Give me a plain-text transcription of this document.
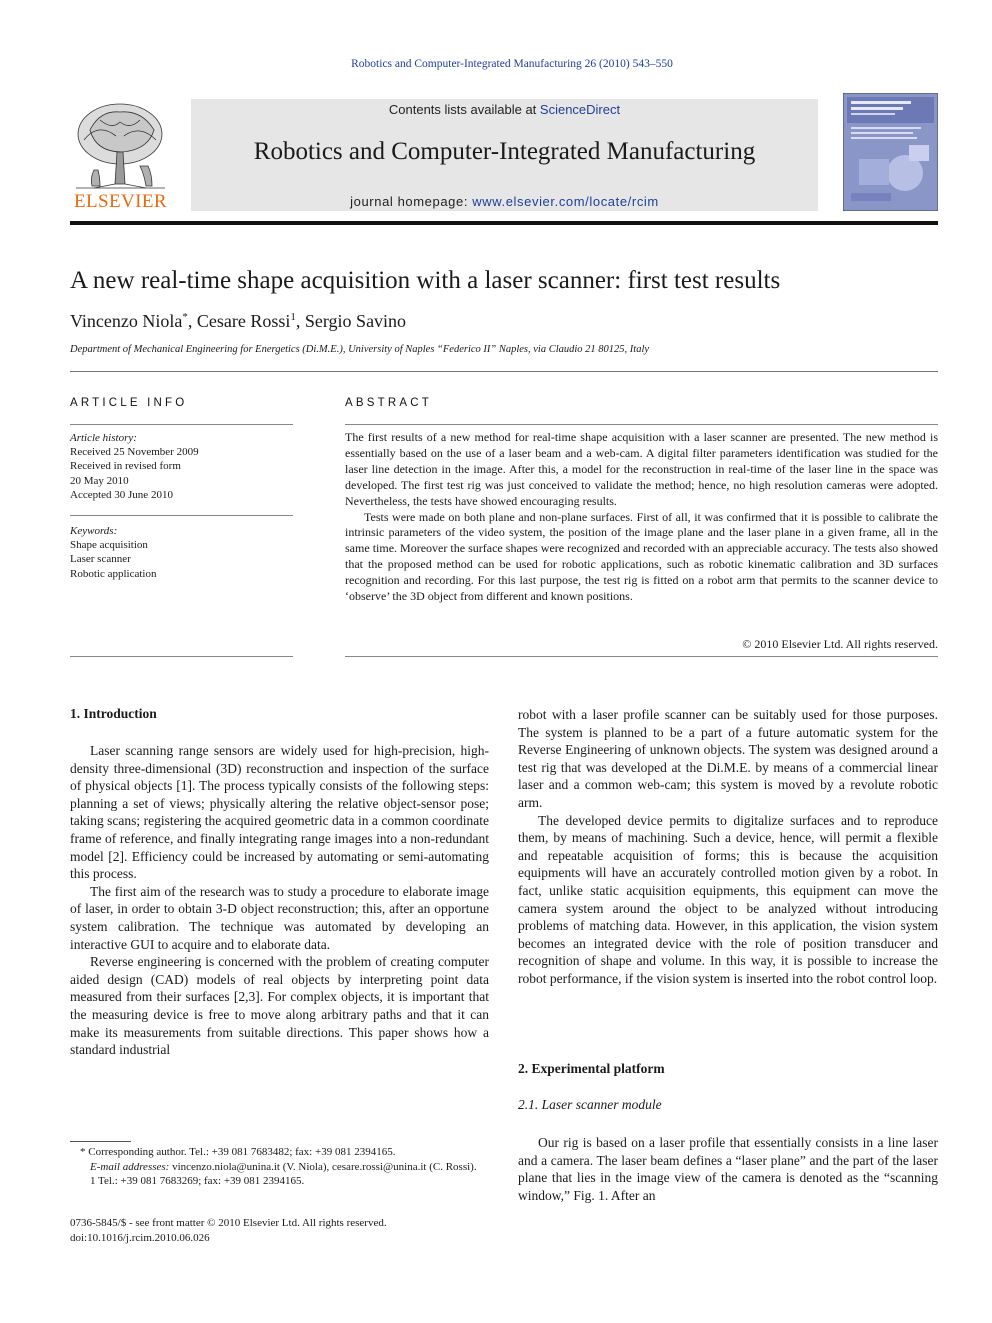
Robotics and Computer-Integrated Manufacturing 26 (2010) 543–550
Contents lists available at ScienceDirect
Robotics and Computer-Integrated Manufacturing
journal homepage: www.elsevier.com/locate/rcim
ELSEVIER
A new real-time shape acquisition with a laser scanner: first test results
Vincenzo Niola*, Cesare Rossi$^1$, Sergio Savino
Department of Mechanical Engineering for Energetics (Di.M.E.), University of Naples “Federico II” Naples, via Claudio 21 80125, Italy
ARTICLE INFO
Article history:
Received 25 November 2009
Received in revised form
20 May 2010
Accepted 30 June 2010
Keywords:
Shape acquisition
Laser scanner
Robotic application
ABSTRACT

The first results of a new method for real-time shape acquisition with a laser scanner are presented. The new method is essentially based on the use of a laser beam and a web-cam. A digital filter parameters identification was studied for the laser line detection in the image. After this, a model for the reconstruction in real-time of the laser line in the space was developed. The first test rig was just conceived to validate the method; hence, no high resolution cameras were adopted. Nevertheless, the tests have showed encouraging results.

Tests were made on both plane and non-plane surfaces. First of all, it was confirmed that it is possible to calibrate the intrinsic parameters of the video system, the position of the image plane and the laser plane in a given frame, all in the same time. Moreover the surface shapes were recognized and recorded with an appreciable accuracy. The tests also showed that the proposed method can be used for robotic applications, such as robotic kinematic calibration and 3D surfaces recognition and recording. For this last purpose, the test rig is fitted on a robot arm that permits to the scanner device to ‘observe’ the 3D object from different and known positions.

© 2010 Elsevier Ltd. All rights reserved.
1. Introduction

Laser scanning range sensors are widely used for high-precision, high-density three-dimensional (3D) reconstruction and inspection of the surface of physical objects [1]. The process typically consists of the following steps: planning a set of views; physically altering the relative object-sensor pose; taking scans; registering the acquired geometric data in a common coordinate frame of reference, and finally integrating range images into a non-redundant model [2]. Efficiency could be increased by automating or semi-automating this process.

The first aim of the research was to study a procedure to elaborate image of laser, in order to obtain 3-D object reconstruction; this, after an opportune system calibration. The technique was automated by developing an interactive GUI to acquire and to elaborate data.

Reverse engineering is concerned with the problem of creating computer aided design (CAD) models of real objects by interpreting point data measured from their surfaces [2,3]. For complex objects, it is important that the measuring device is free to move along arbitrary paths and that it can make its measurements from suitable directions. This paper shows how a standard industrial

robot with a laser profile scanner can be suitably used for those purposes. The system is planned to be a part of a future automatic system for the Reverse Engineering of unknown objects. The system was designed around a test rig that was developed at the Di.M.E. by means of a commercial linear laser and a common web-cam; this system is moved by a revolute robotic arm.

The developed device permits to digitalize surfaces and to reproduce them, by means of machining. Such a device, hence, will permit a flexible and repeatable acquisition of forms; this is because the acquisition equipments will have an accurately controlled motion given by a robot. In fact, unlike static acquisition equipments, this equipment can move the camera system around the object to be analyzed without introducing problems of matching data. However, in this application, the vision system becomes an integrated device with the role of position transducer and recognition of shape and volume. In this way, it is possible to increase the robot performance, if the vision system is inserted into the robot control loop.

2. Experimental platform
2.1. Laser scanner module

Our rig is based on a laser profile that essentially consists in a line laser and a camera. The laser beam defines a “laser plane” and the part of the laser plane that lies in the image view of the camera is denoted as the “scanning window,” Fig. 1. After an

* Corresponding author. Tel.: +39 081 7683482; fax: +39 081 2394165.
E-mail addresses: vincenzo.niola@unina.it (V. Niola), cesare.rossi@unina.it (C. Rossi).
1 Tel.: +39 081 7683269; fax: +39 081 2394165.
0736-5845/$ - see front matter © 2010 Elsevier Ltd. All rights reserved.
doi:10.1016/j.rcim.2010.06.026
